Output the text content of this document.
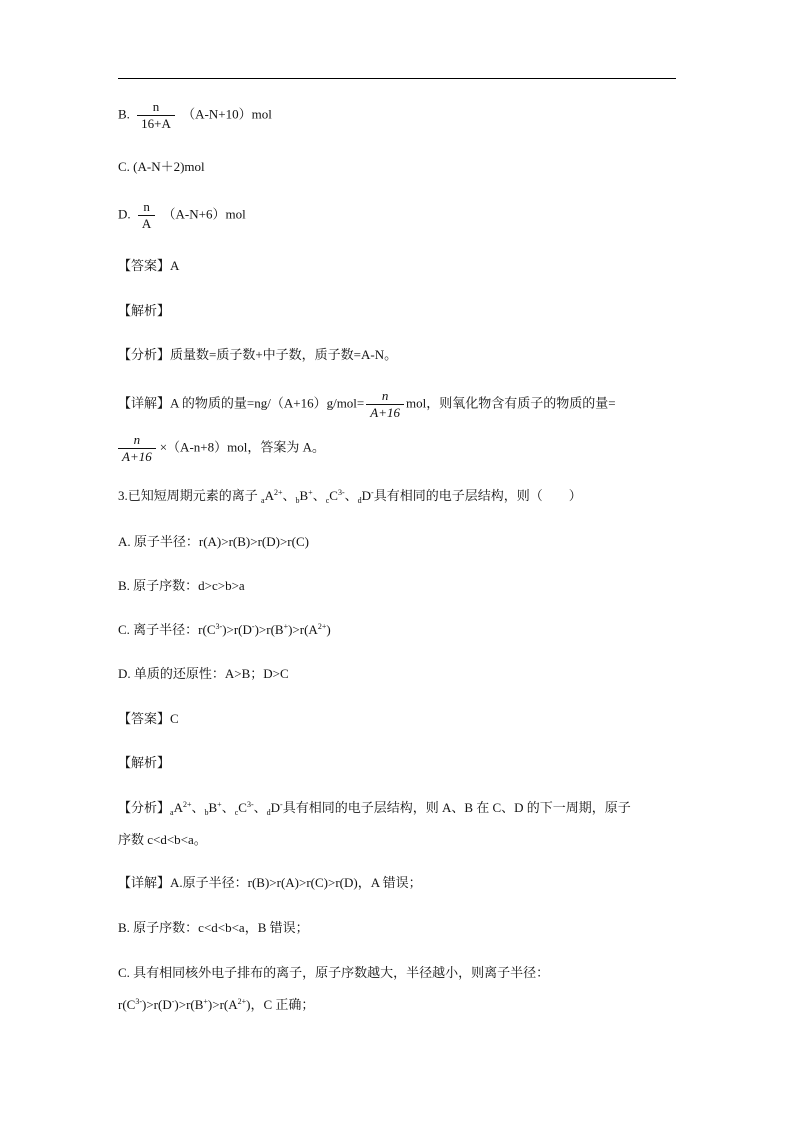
B. $\frac{n}{16+A} (A-N+10)mol$
C. (A-N＋2)mol
D. $\frac{n}{A} (A-N+6)mol$
【答案】A
【解析】
【分析】质量数=质子数+中子数，质子数=A-N。
【详解】A 的物质的量$=ng/(A+16)g/mol= \frac{n}{A+16}$ mol，则氧化物含有质子的物质的量=
$\frac{n}{A+16} \times(A-n+8)mol$，答案为 A。
3.已知短周期元素的离子 $_aA^{2+}$、$_b$B+、$_cC^{3-}$、$_d$D-具有相同的电子层结构，则（　　）
A. 原子半径：r(A)>r(B)>r(D)>r(C)
B. 原子序数：d>c>b>a
C. 离子半径：$r(C^{3-})>r(D^-)>r(B^+)>r(A^{2+})$
D. 单质的还原性：A>B；D>C
【答案】C
【解析】
【分析】$_aA^{2+}$、$_b$B+、$_cC^{3-}$、$_d$D-具有相同的电子层结构，则 A、B 在 C、D 的下一周期，原子
序数 c<d<b<a。
【详解】A.原子半径：r(B)>r(A)>r(C)>r(D)，A 错误；
B. 原子序数：c<d<b<a，B 错误；
C. 具有相同核外电子排布的离子，原子序数越大，半径越小，则离子半径：
$r(C^{3-})>r(D^-)>r(B^+)>r(A^{2+})$，C 正确；
